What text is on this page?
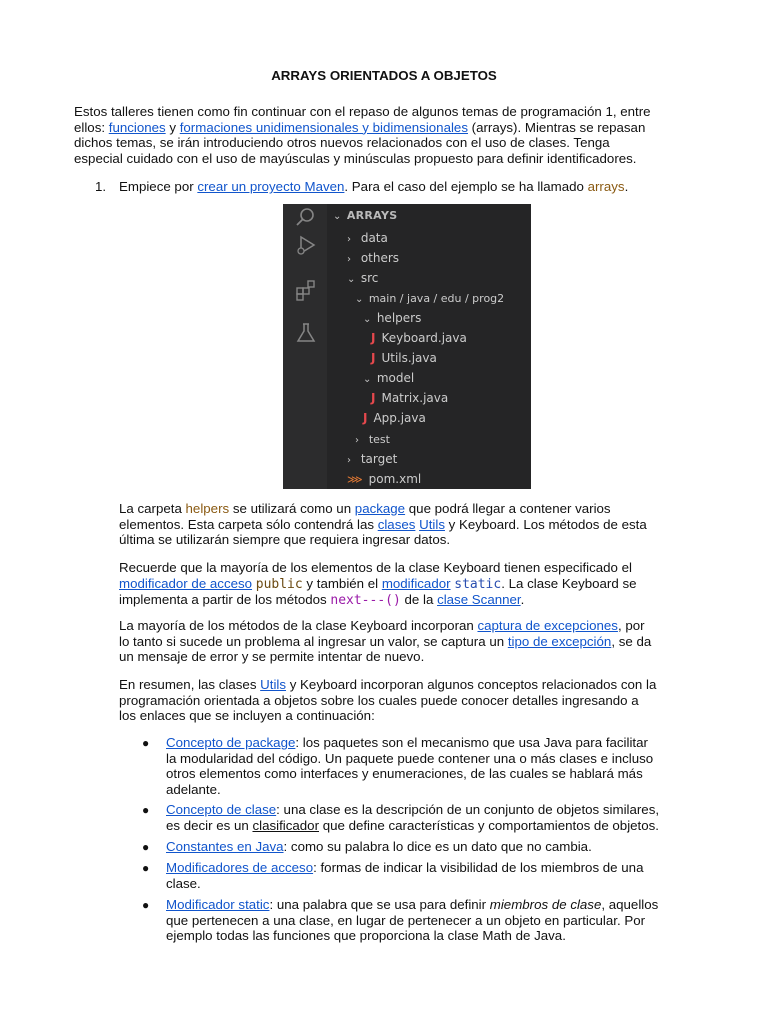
ARRAYS ORIENTADOS A OBJETOS
Estos talleres tienen como fin continuar con el repaso de algunos temas de programación 1, entre
ellos: funciones y formaciones unidimensionales y bidimensionales (arrays). Mientras se repasan
dichos temas, se irán introduciendo otros nuevos relacionados con el uso de clases. Tenga
especial cuidado con el uso de mayúsculas y minúsculas propuesto para definir identificadores.
1. Empiece por crear un proyecto Maven. Para el caso del ejemplo se ha llamado arrays.
⌄ ARRAYS
› data
› others
⌄ src
⌄ main / java / edu / prog2
⌄ helpers
J Keyboard.java
J Utils.java
⌄ model
J Matrix.java
J App.java
› test
› target
⋙ pom.xml
La carpeta helpers se utilizará como un package que podrá llegar a contener varios
elementos. Esta carpeta sólo contendrá las clases Utils y Keyboard. Los métodos de esta
última se utilizarán siempre que requiera ingresar datos.
Recuerde que la mayoría de los elementos de la clase Keyboard tienen especificado el
modificador de acceso public y también el modificador static. La clase Keyboard se
implementa a partir de los métodos next---() de la clase Scanner.
La mayoría de los métodos de la clase Keyboard incorporan captura de excepciones, por
lo tanto si sucede un problema al ingresar un valor, se captura un tipo de excepción, se da
un mensaje de error y se permite intentar de nuevo.
En resumen, las clases Utils y Keyboard incorporan algunos conceptos relacionados con la
programación orientada a objetos sobre los cuales puede conocer detalles ingresando a
los enlaces que se incluyen a continuación:
● Concepto de package: los paquetes son el mecanismo que usa Java para facilitar
la modularidad del código. Un paquete puede contener una o más clases e incluso
otros elementos como interfaces y enumeraciones, de las cuales se hablará más
adelante.
● Concepto de clase: una clase es la descripción de un conjunto de objetos similares,
es decir es un clasificador que define características y comportamientos de objetos.
● Constantes en Java: como su palabra lo dice es un dato que no cambia.
● Modificadores de acceso: formas de indicar la visibilidad de los miembros de una
clase.
● Modificador static: una palabra que se usa para definir miembros de clase, aquellos
que pertenecen a una clase, en lugar de pertenecer a un objeto en particular. Por
ejemplo todas las funciones que proporciona la clase Math de Java.
